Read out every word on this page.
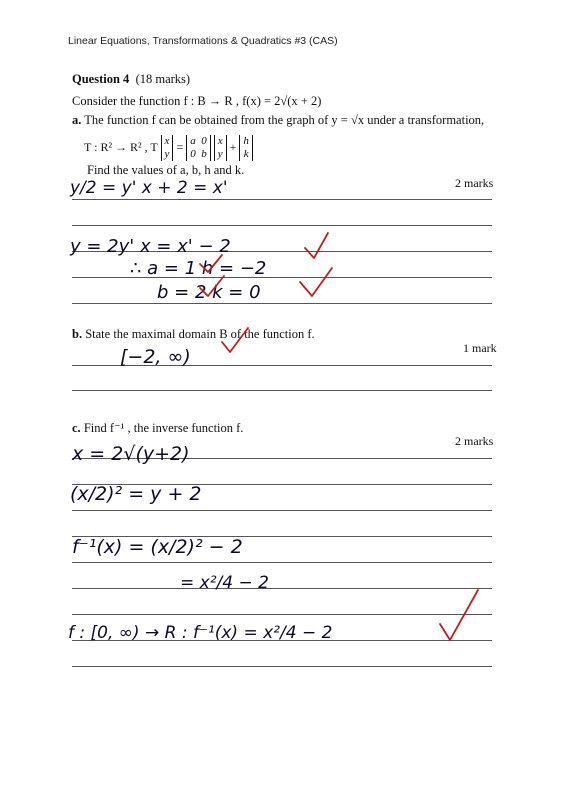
Linear Equations, Transformations & Quadratics #3 (CAS)
Question 4 (18 marks)
Consider the function f : B → R , f(x) = 2√(x + 2)
a. The function f can be obtained from the graph of y = √x under a transformation,
T : R² → R² , T x
y = a  0
0  b x
y + h
k
Find the values of a, b, h and k.
2 marks
b. State the maximal domain B of the function f.
1 mark
c. Find f⁻¹ , the inverse function f.
2 marks
y/2 = y' x + 2 = x'
y = 2y' x = x' − 2
∴ a = 1 h = −2
b = 2 k = 0
[−2, ∞)
x = 2√(y+2)
(x/2)² = y + 2
f⁻¹(x) = (x/2)² − 2
= x²/4 − 2
f : [0, ∞) → R : f⁻¹(x) = x²/4 − 2
